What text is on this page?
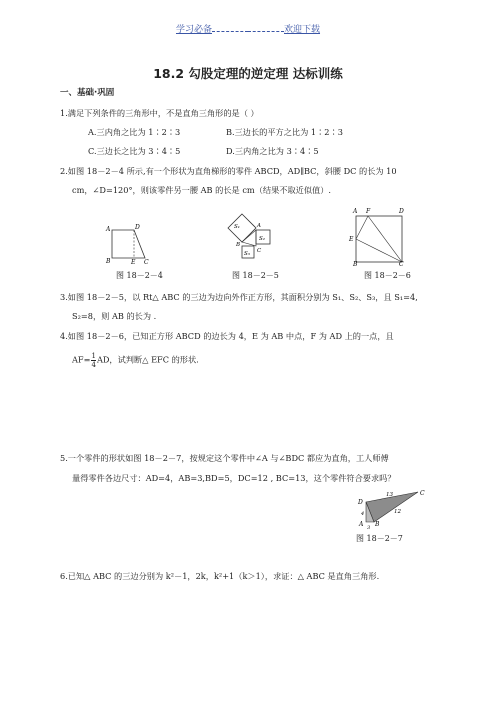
学习必备	欢迎下载
18.2 勾股定理的逆定理 达标训练
一、基础·巩固
1.满足下列条件的三角形中，不是直角三角形的是（ ）
A.三内角之比为 1∶2∶3	B.三边长的平方之比为 1∶2∶3
C.三边长之比为 3∶4∶5	D.三内角之比为 3∶4∶5
2.如图 18－2－4 所示,有一个形状为直角梯形的零件 ABCD，AD∥BC，斜腰 DC 的长为 10
cm，∠D=120°，则该零件另一腰 AB 的长是 cm（结果不取近似值）.
A	D
B	E C
图 18－2－4
S₁
S₂
S₃
A
B
C
图 18－2－5
A F	D
E
B	C
图 18－2－6
3.如图 18－2－5，以 Rt△ ABC 的三边为边向外作正方形，其面积分别为 S₁、S₂、S₃，且 S₁=4,
S₂=8，则 AB 的长为 .
4.如图 18－2－6，已知正方形 ABCD 的边长为 4，E 为 AB 中点，F 为 AD 上的一点，且
$AF= \frac{1}{4}$ AD，试判断△ EFC 的形状.
5.一个零件的形状如图 18－2－7，按规定这个零件中∠A 与∠BDC 都应为直角，工人师傅
量得零件各边尺寸：AD=4，AB=3,BD=5，DC=12 , BC=13，这个零件符合要求吗？
D
C
A B
13
12
4
3
图 18－2－7
6.已知△ ABC 的三边分别为 k²－1，2k，k²+1（k＞1），求证：△ ABC 是直角三角形.
